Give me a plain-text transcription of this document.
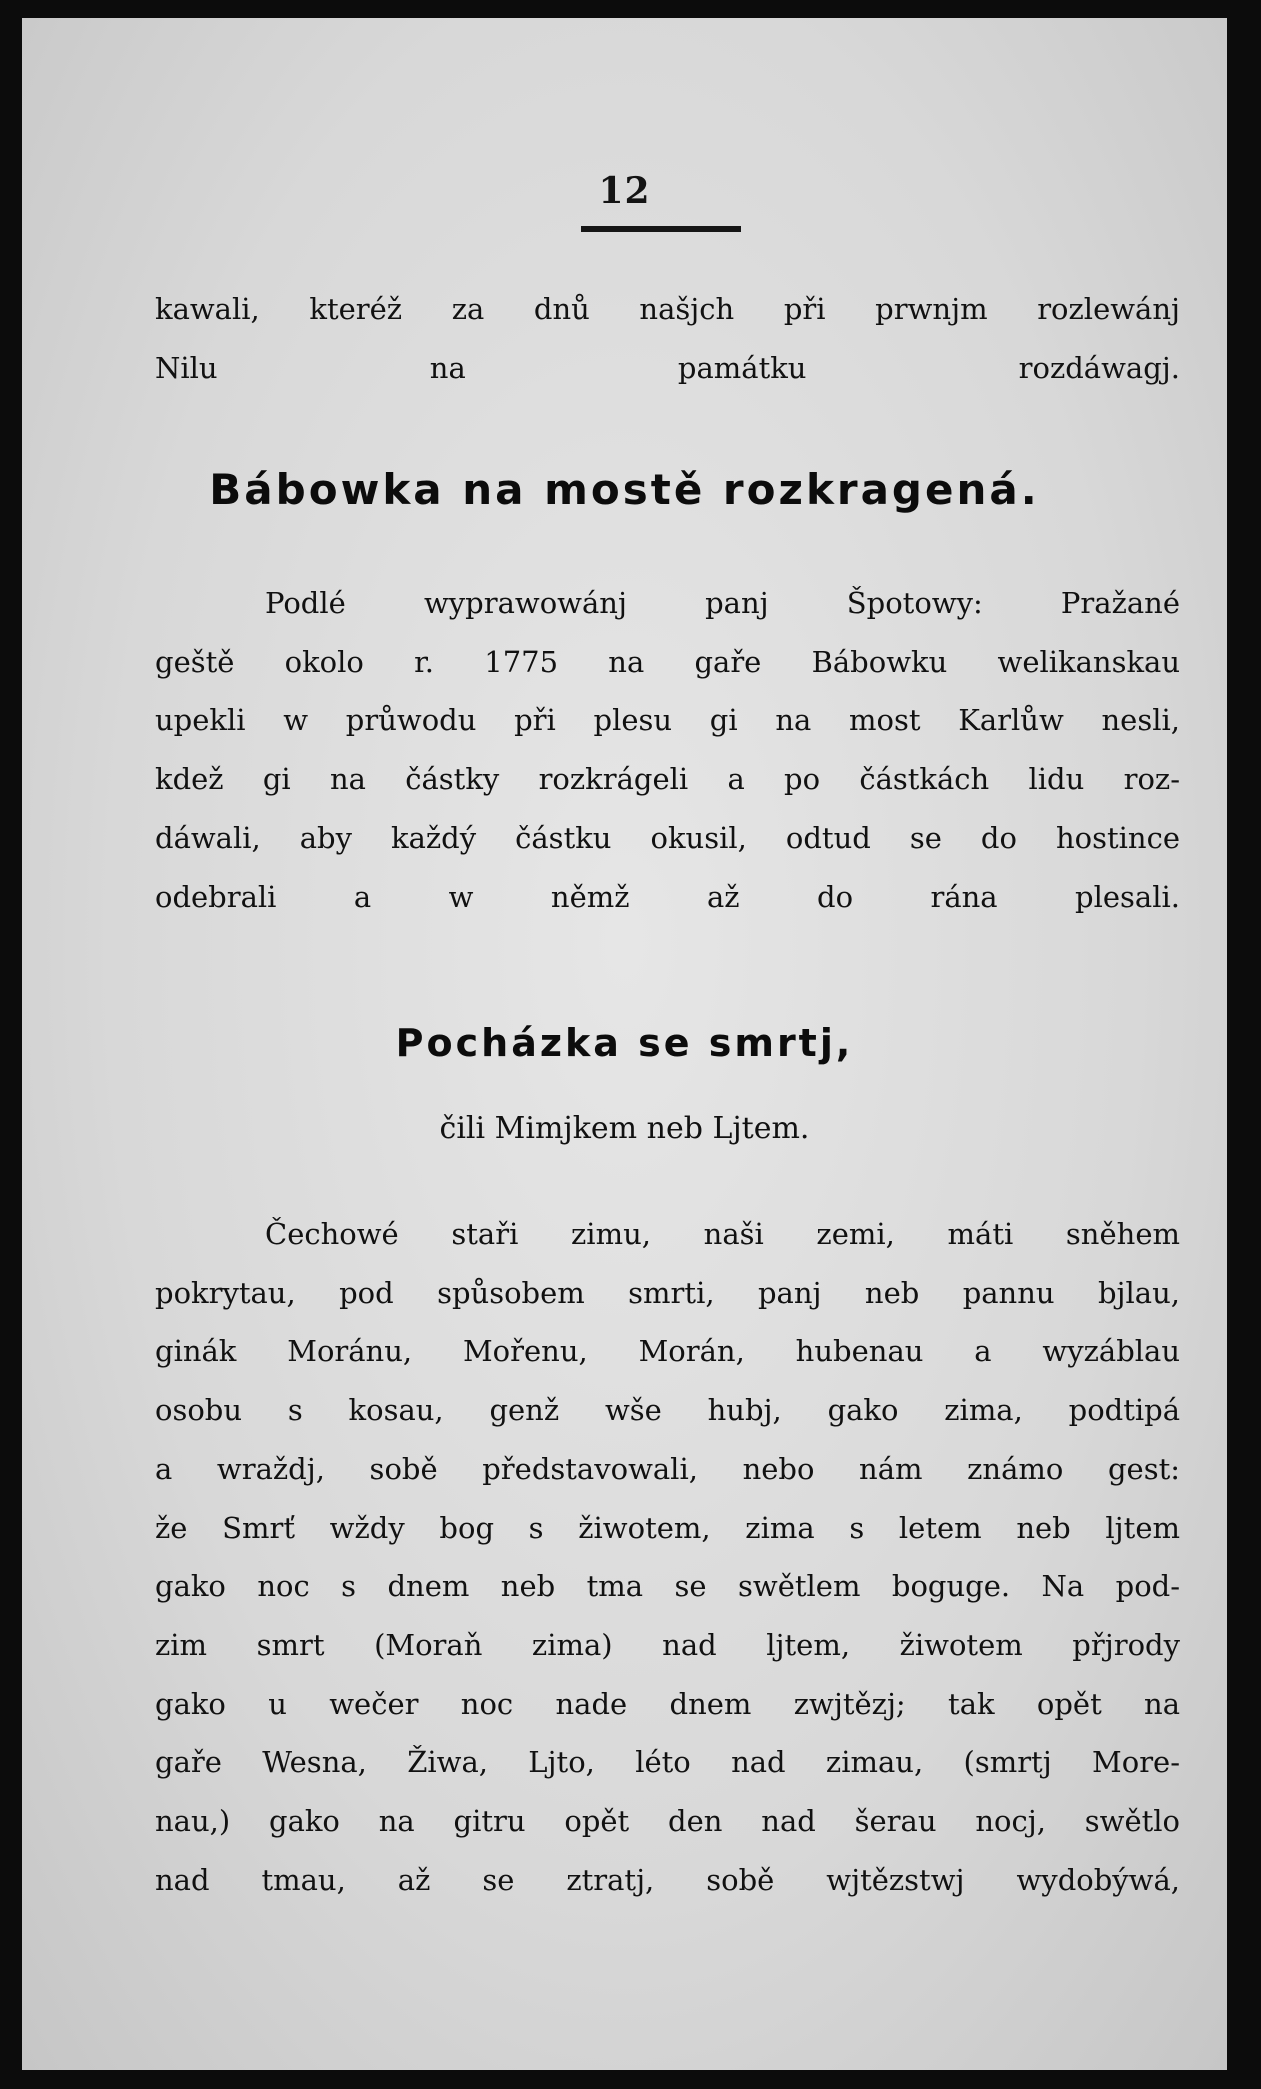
12
kawali, kteréž za dnů našjch při prwnjm rozlewánj
Nilu na památku rozdáwagj.
Bábowka na mostě rozkragená.
Podlé wyprawowánj panj Špotowy: Pražané
geště okolo r. 1775 na gaře Bábowku welikanskau
upekli w průwodu při plesu gi na most Karlůw nesli,
kdež gi na částky rozkrágeli a po částkách lidu roz-
dáwali, aby každý částku okusil, odtud se do hostince
odebrali a w němž až do rána plesali.
Pocházka se smrtj,
čili Mimjkem neb Ljtem.
Čechowé staři zimu, naši zemi, máti sněhem
pokrytau, pod spůsobem smrti, panj neb pannu bjlau,
ginák Moránu, Mořenu, Morán, hubenau a wyzáblau
osobu s kosau, genž wše hubj, gako zima, podtipá
a wraždj, sobě představowali, nebo nám známo gest:
že Smrť wždy bog s žiwotem, zima s letem neb ljtem
gako noc s dnem neb tma se swětlem boguge. Na pod-
zim smrt (Moraň zima) nad ljtem, žiwotem přjrody
gako u wečer noc nade dnem zwjtězj; tak opět na
gaře Wesna, Žiwa, Ljto, léto nad zimau, (smrtj More-
nau,) gako na gitru opět den nad šerau nocj, swětlo
nad tmau, až se ztratj, sobě wjtězstwj wydobýwá,
